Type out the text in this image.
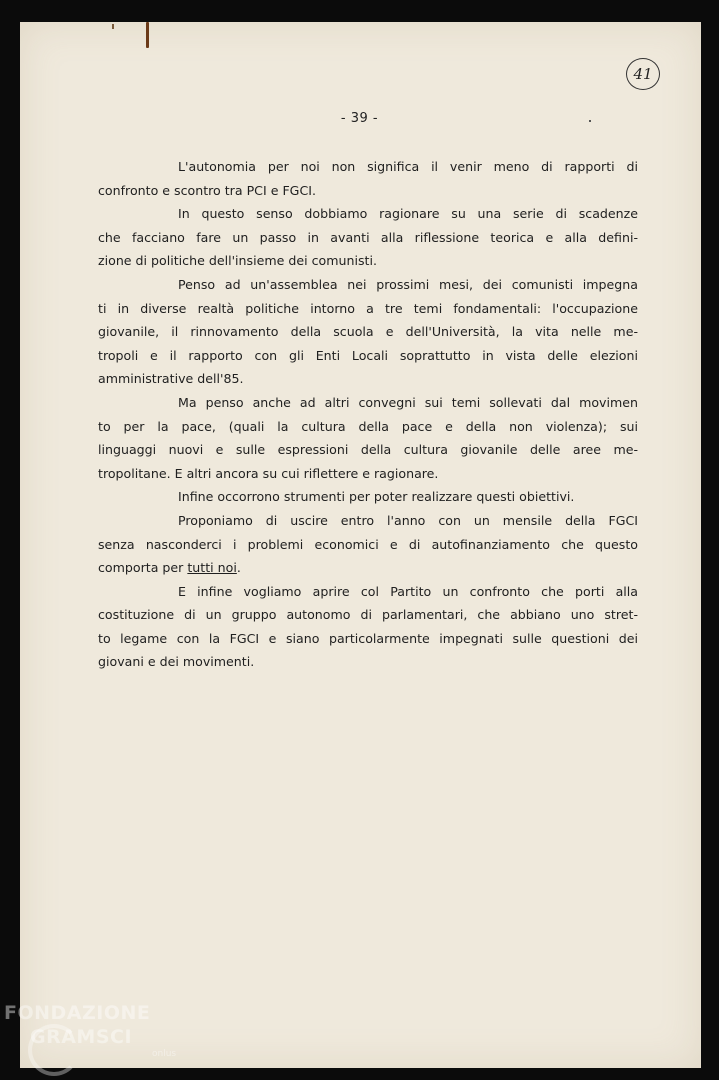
41
- 39 -

L'autonomia per noi non significa il venir meno di rapporti di
confronto e scontro tra PCI e FGCI.

In questo senso dobbiamo ragionare su una serie di scadenze
che facciano fare un passo in avanti alla riflessione teorica e alla defini-
zione di politiche dell'insieme dei comunisti.

Penso ad un'assemblea nei prossimi mesi, dei comunisti impegna
ti in diverse realtà politiche intorno a tre temi fondamentali: l'occupazione
giovanile, il rinnovamento della scuola e dell'Università, la vita nelle me-
tropoli e il rapporto con gli Enti Locali soprattutto in vista delle elezioni
amministrative dell'85.

Ma penso anche ad altri convegni sui temi sollevati dal movimen
to per la pace, (quali la cultura della pace e della non violenza); sui
linguaggi nuovi e sulle espressioni della cultura giovanile delle aree me-
tropolitane. E altri ancora su cui riflettere e ragionare.

Infine occorrono strumenti per poter realizzare questi obiettivi.

Proponiamo di uscire entro l'anno con un mensile della FGCI
senza nasconderci i problemi economici e di autofinanziamento che questo
comporta per tutti noi.

E infine vogliamo aprire col Partito un confronto che porti alla
costituzione di un gruppo autonomo di parlamentari, che abbiano uno stret-
to legame con la FGCI e siano particolarmente impegnati sulle questioni dei
giovani e dei movimenti.

FONDAZIONE
GRAMSCI
onlus
